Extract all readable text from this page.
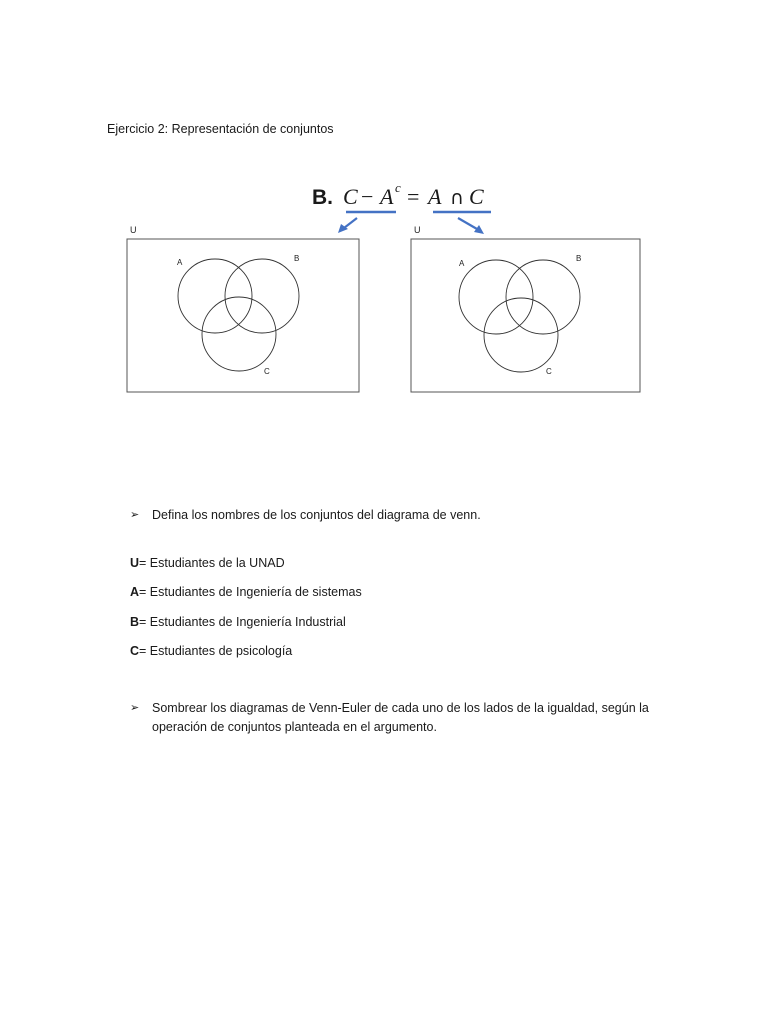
Ejercicio 2: Representación de conjuntos
B. C − A c = A ∩ C
U
A	B
C
U
A
B
C
➢	Defina los nombres de los conjuntos del diagrama de venn.
U= Estudiantes de la UNAD
A= Estudiantes de Ingeniería de sistemas
B= Estudiantes de Ingeniería Industrial
C= Estudiantes de psicología
➢	Sombrear los diagramas de Venn-Euler de cada uno de los lados de la igualdad, según la operación de conjuntos planteada en el argumento.
